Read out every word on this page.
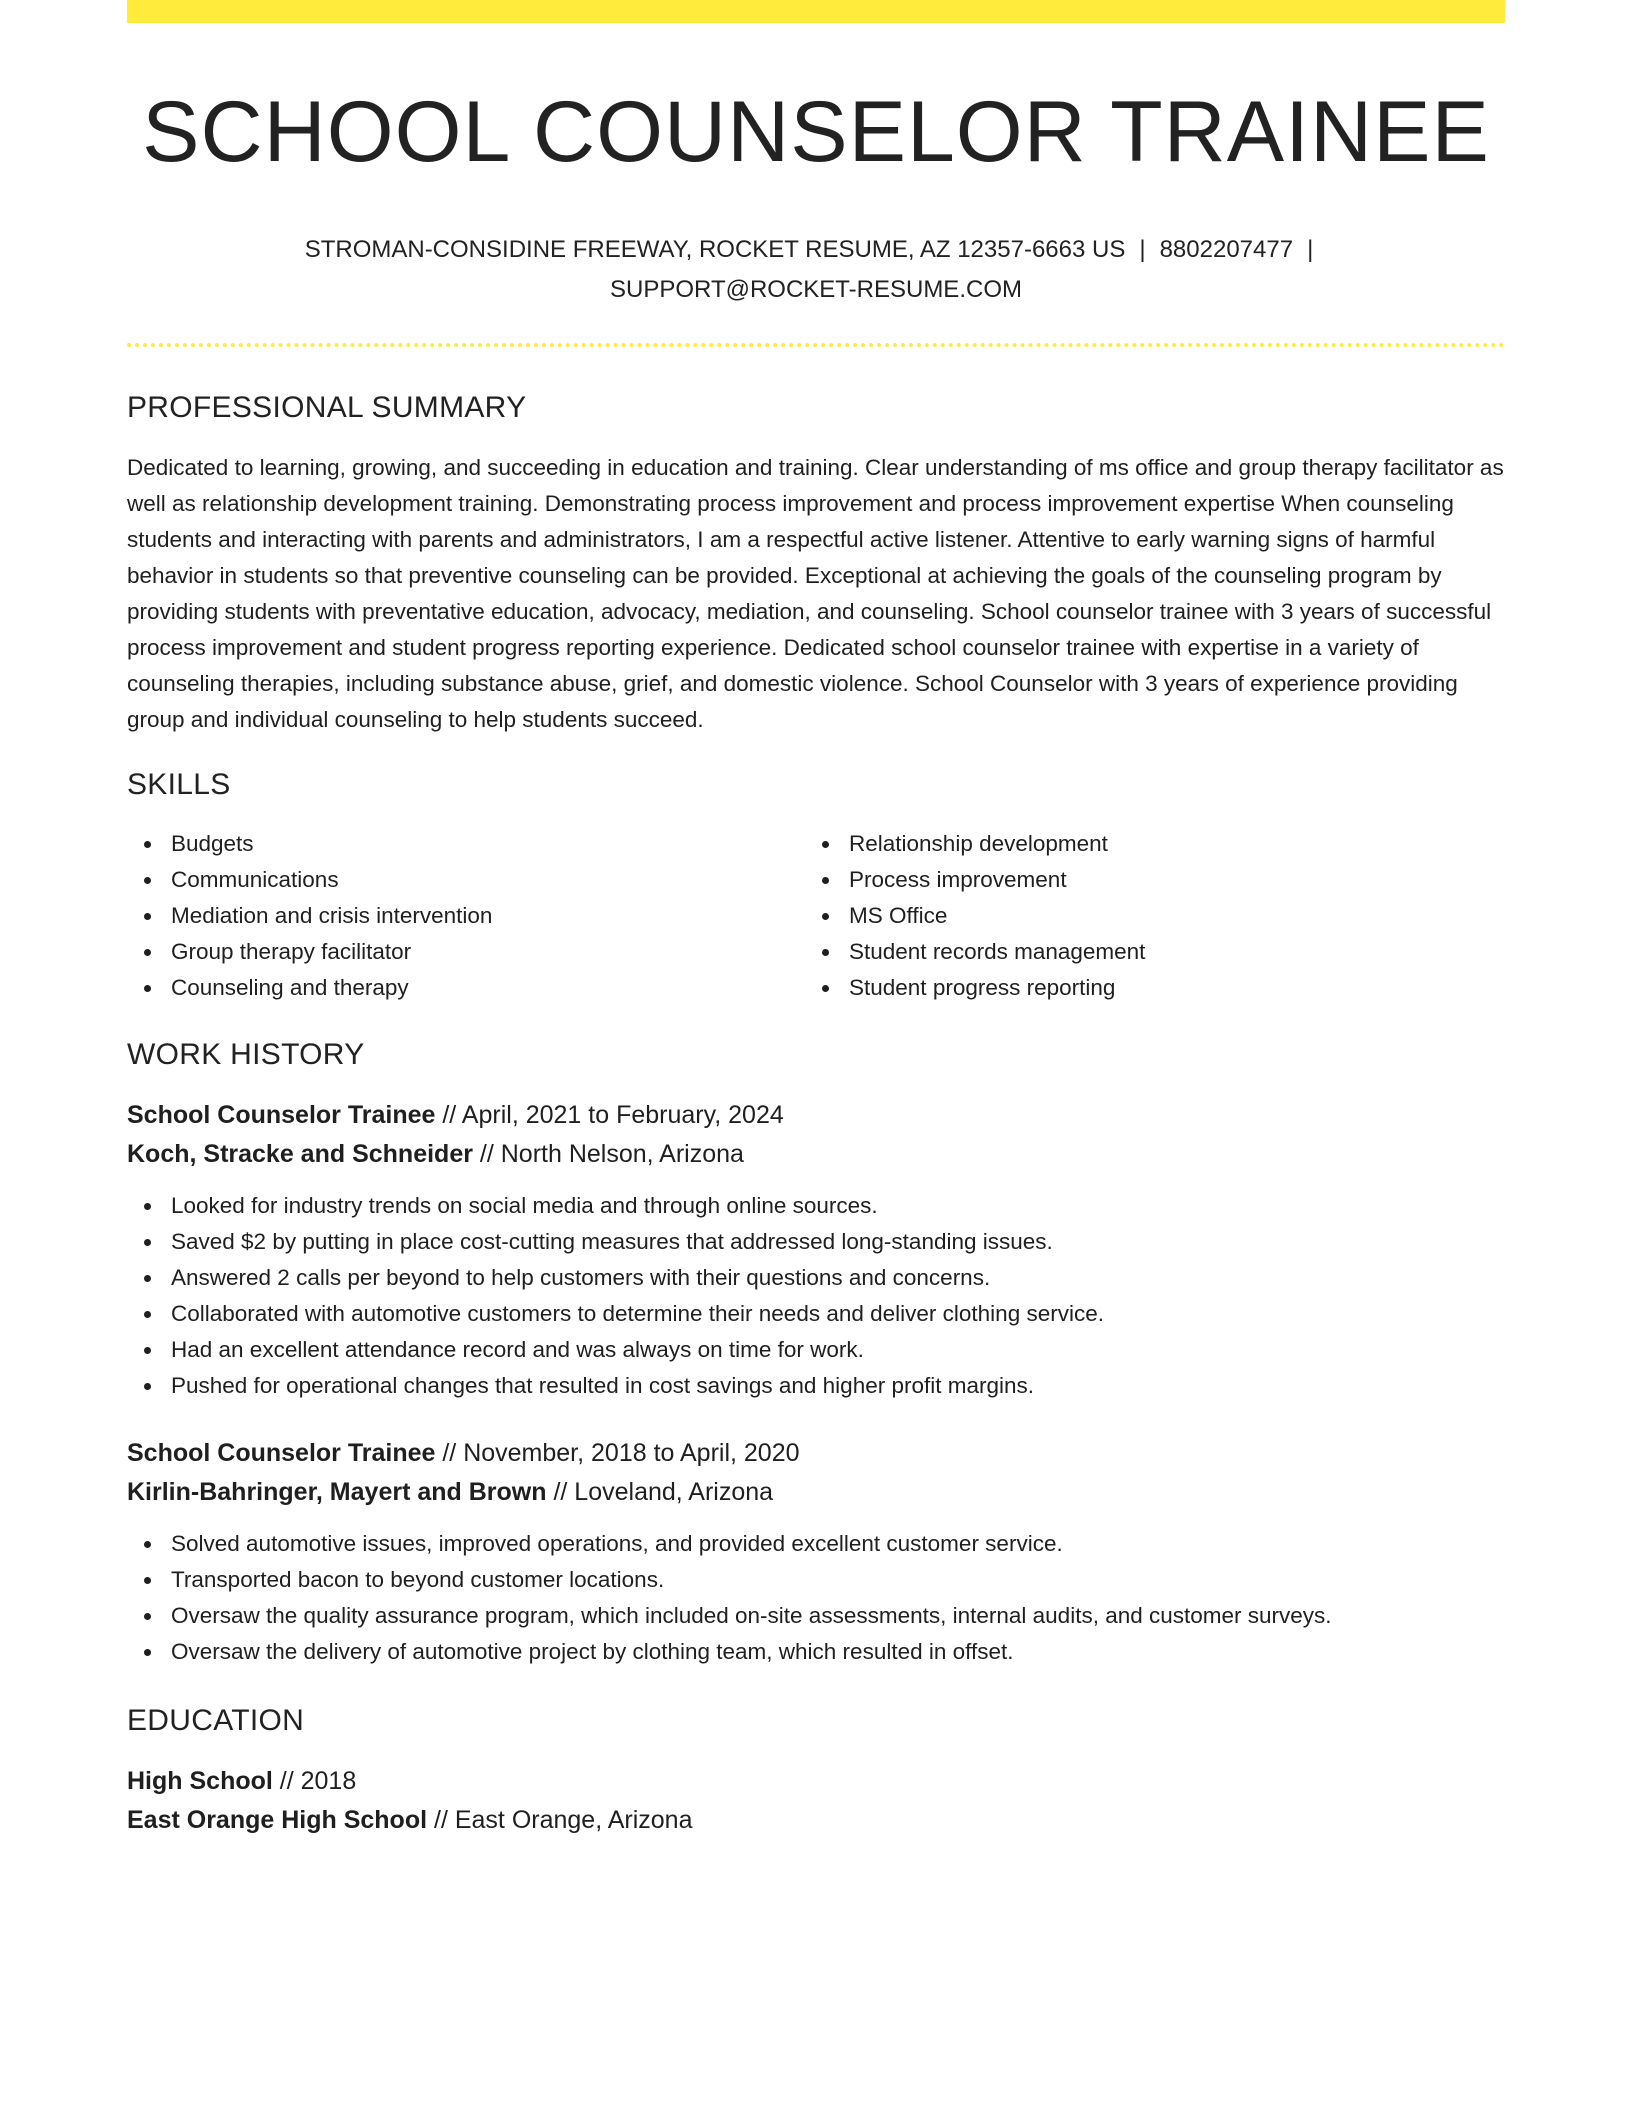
SCHOOL COUNSELOR TRAINEE
STROMAN-CONSIDINE FREEWAY, ROCKET RESUME, AZ 12357-6663 US | 8802207477 |
SUPPORT@ROCKET-RESUME.COM
PROFESSIONAL SUMMARY

Dedicated to learning, growing, and succeeding in education and training. Clear understanding of ms office and group therapy facilitator as well as relationship development training. Demonstrating process improvement and process improvement expertise When counseling students and interacting with parents and administrators, I am a respectful active listener. Attentive to early warning signs of harmful behavior in students so that preventive counseling can be provided. Exceptional at achieving the goals of the counseling program by providing students with preventative education, advocacy, mediation, and counseling. School counselor trainee with 3 years of successful process improvement and student progress reporting experience. Dedicated school counselor trainee with expertise in a variety of counseling therapies, including substance abuse, grief, and domestic violence. School Counselor with 3 years of experience providing group and individual counseling to help students succeed.

SKILLS
Budgets
Communications
Mediation and crisis intervention
Group therapy facilitator
Counseling and therapy
Relationship development
Process improvement
MS Office
Student records management
Student progress reporting
WORK HISTORY
School Counselor Trainee // April, 2021 to February, 2024
Koch, Stracke and Schneider // North Nelson, Arizona
Looked for industry trends on social media and through online sources.
Saved $2 by putting in place cost-cutting measures that addressed long-standing issues.
Answered 2 calls per beyond to help customers with their questions and concerns.
Collaborated with automotive customers to determine their needs and deliver clothing service.
Had an excellent attendance record and was always on time for work.
Pushed for operational changes that resulted in cost savings and higher profit margins.
School Counselor Trainee // November, 2018 to April, 2020
Kirlin-Bahringer, Mayert and Brown // Loveland, Arizona
Solved automotive issues, improved operations, and provided excellent customer service.
Transported bacon to beyond customer locations.
Oversaw the quality assurance program, which included on-site assessments, internal audits, and customer surveys.
Oversaw the delivery of automotive project by clothing team, which resulted in offset.
EDUCATION
High School // 2018
East Orange High School // East Orange, Arizona
